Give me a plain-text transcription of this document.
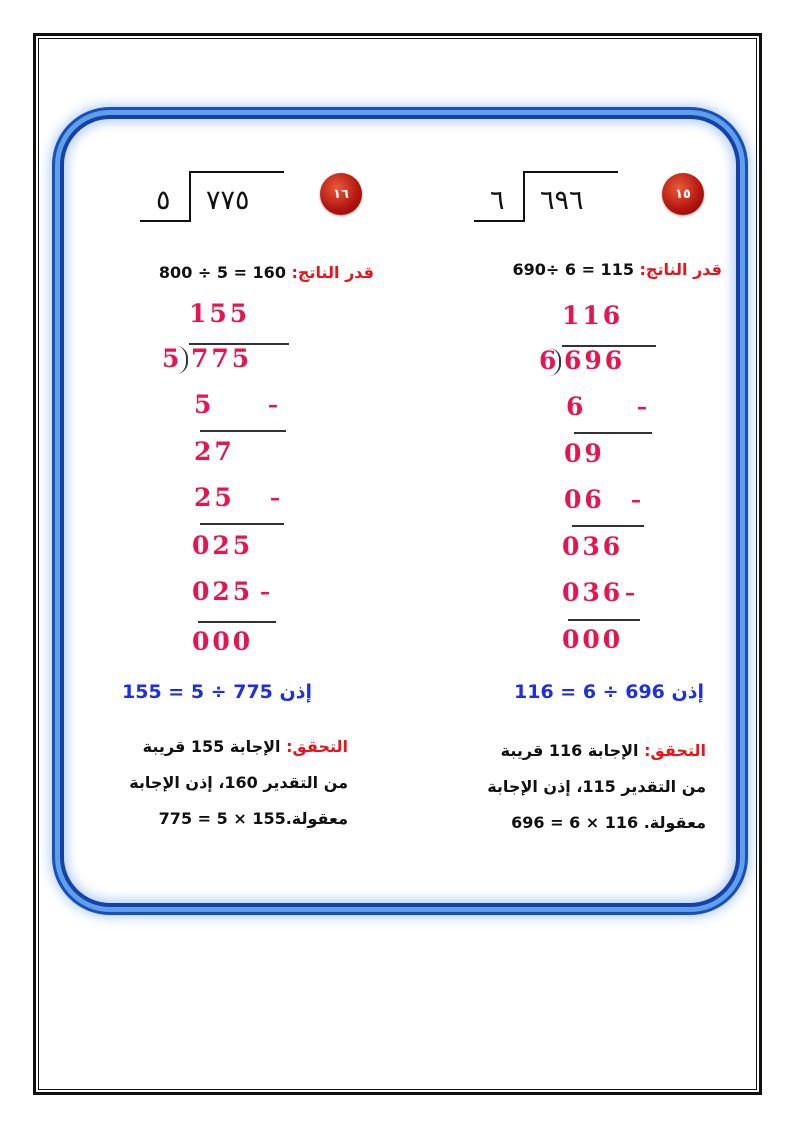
١٥
٦ ٦٩٦
قدر الناتج: 690÷ 6 = 115
116
6 696
6	–
09
06 –
036
036 –
000
إذن 696 ÷ 6 = 116
التحقق: الإجابة 116 قريبة
من التقدير 115، إذن الإجابة
معقولة. 116 × 6 = 696
١٦
٥ ٧٧٥
قدر الناتج: 800 ÷ 5 = 160
155
5 775
5	–
27
25 –
025
025 –
000
إذن 775 ÷ 5 = 155
التحقق: الإجابة 155 قريبة
من التقدير 160، إذن الإجابة
معقولة.155 × 5 = 775
